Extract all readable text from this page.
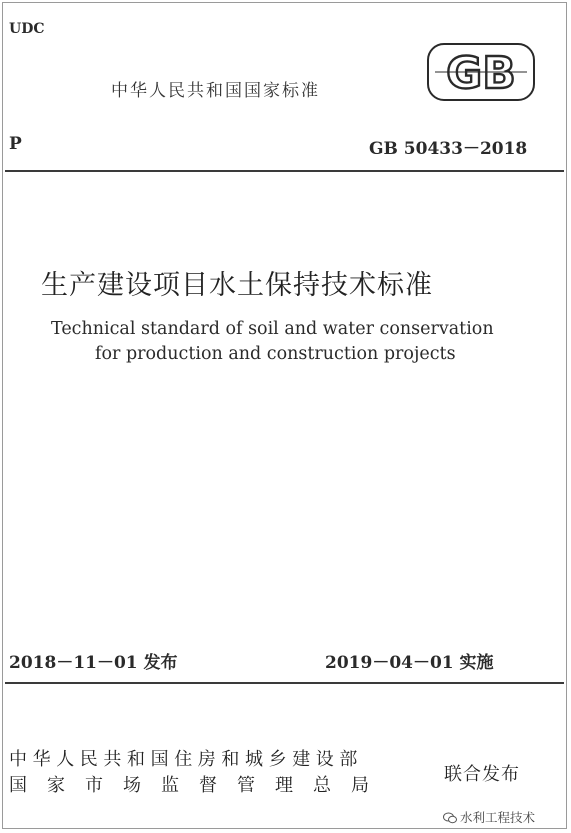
UDC
中华人民共和国国家标准	GB
P	GB 50433－2018
生产建设项目水土保持技术标准
Technical standard of soil and water conservation
for production and construction projects
2018－11－01 发布	2019－04－01 实施
中华人民共和国住房和城乡建设部
国家市场监督管理总局
联合发布
水利工程技术
